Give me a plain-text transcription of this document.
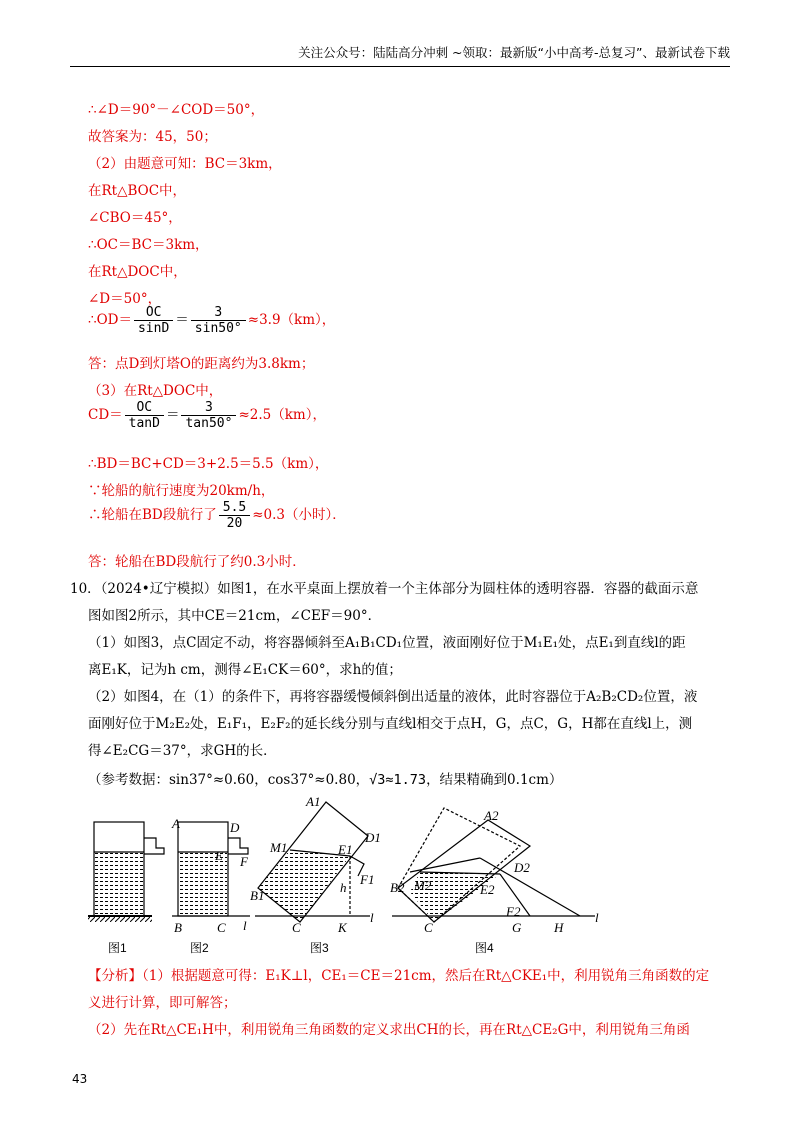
关注公众号：陆陆高分冲刺 ~领取：最新版“小中高考-总复习”、最新试卷下载
∴∠D＝90°－∠COD＝50°，
故答案为：45，50；
（2）由题意可知：BC＝3km，
在Rt△BOC中，
∠CBO＝45°，
∴OC＝BC＝3km，
在Rt△DOC中，
∠D＝50°，
∴OD＝ $\frac{OC}{\sin D} = \frac{3}{\sin 50^\circ} \approx 3.9(km)$，
答：点D到灯塔O的距离约为3.8km；
（3）在Rt△DOC中，
$CD= \frac{OC}{\tan D} = \frac{3}{\tan 50^\circ} \approx 2.5(km)$，
∴BD＝BC+CD＝3+2.5＝5.5（km），
∵轮船的航行速度为20km/h，
∴轮船在BD段航行了 $\frac{5.5}{20} \approx 0.3$（小时）．
答：轮船在BD段航行了约0.3小时．
10．（2024•辽宁模拟）如图1，在水平桌面上摆放着一个主体部分为圆柱体的透明容器．容器的截面示意
图如图2所示，其中CE＝21cm，∠CEF＝90°．
（1）如图3，点C固定不动，将容器倾斜至A₁B₁CD₁位置，液面刚好位于M₁E₁处，点E₁到直线l的距
离E₁K，记为h cm，测得∠E₁CK＝60°，求h的值；
（2）如图4，在（1）的条件下，再将容器缓慢倾斜倒出适量的液体，此时容器位于A₂B₂CD₂位置，液
面刚好位于M₂E₂处，E₁F₁，E₂F₂的延长线分别与直线l相交于点H，G，点C，G，H都在直线l上，测
得∠E₂CG＝37°，求GH的长．
（参考数据：sin37°≈0.60，cos37°≈0.80，√3≈1.73，结果精确到0.1cm）
A	D
E F
B	C l
A1
D1
M1	E1
F1
B1
h
K
A2
D2
M2	E2
F2
B2
G	H
C
C
l	l
图1	图2	图3	图4
【分析】（1）根据题意可得：E₁K⊥l，CE₁＝CE＝21cm，然后在Rt△CKE₁中，利用锐角三角函数的定
义进行计算，即可解答；
（2）先在Rt△CE₁H中，利用锐角三角函数的定义求出CH的长，再在Rt△CE₂G中，利用锐角三角函
43
